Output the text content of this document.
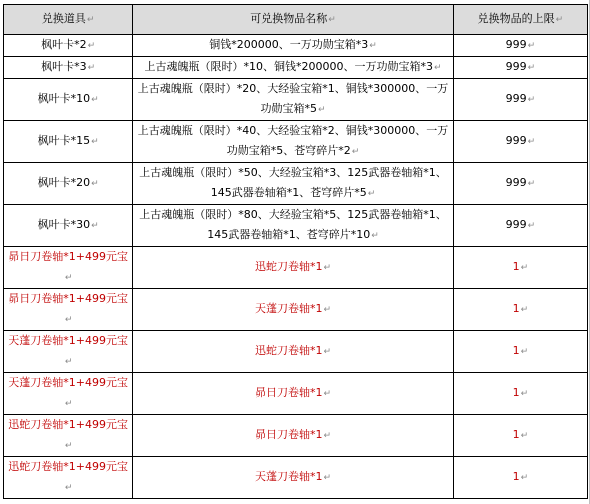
兑换道具↵	可兑换物品名称↵	兑换物品的上限↵
枫叶卡*2↵	铜钱*200000、一万功勋宝箱*3↵	999↵
枫叶卡*3↵	上古魂魄瓶（限时）*10、铜钱*200000、一万功勋宝箱*3↵	999↵
枫叶卡*10↵	上古魂魄瓶（限时）*20、大经验宝箱*1、铜钱*300000、一万功勋宝箱*5↵	999↵
枫叶卡*15↵	上古魂魄瓶（限时）*40、大经验宝箱*2、铜钱*300000、一万功勋宝箱*5、苍穹碎片*2↵	999↵
枫叶卡*20↵	上古魂魄瓶（限时）*50、大经验宝箱*3、125武器卷轴箱*1、145武器卷轴箱*1、苍穹碎片*5↵	999↵
枫叶卡*30↵	上古魂魄瓶（限时）*80、大经验宝箱*5、125武器卷轴箱*1、145武器卷轴箱*1、苍穹碎片*10↵	999↵
昴日刀卷轴*1+499元宝↵	迅蛇刀卷轴*1↵	1↵
昴日刀卷轴*1+499元宝↵	天蓬刀卷轴*1↵	1↵
天蓬刀卷轴*1+499元宝↵	迅蛇刀卷轴*1↵	1↵
天蓬刀卷轴*1+499元宝↵	昴日刀卷轴*1↵	1↵
迅蛇刀卷轴*1+499元宝↵	昴日刀卷轴*1↵	1↵
迅蛇刀卷轴*1+499元宝↵	天蓬刀卷轴*1↵	1↵
